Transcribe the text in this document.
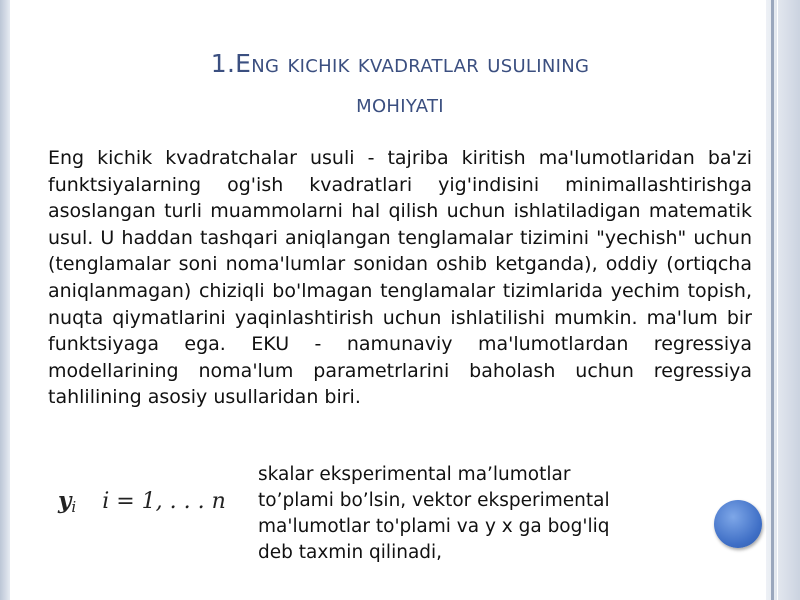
1.Eng kichik kvadratlar usulining
mohiyati
Eng kichik kvadratchalar usuli - tajriba kiritish ma'lumotlaridan ba'zi funktsiyalarning og'ish kvadratlari yig'indisini minimallashtirishga asoslangan turli muammolarni hal qilish uchun ishlatiladigan matematik usul. U haddan tashqari aniqlangan tenglamalar tizimini "yechish" uchun (tenglamalar soni noma'lumlar sonidan oshib ketganda), oddiy (ortiqcha aniqlanmagan) chiziqli bo'lmagan tenglamalar tizimlarida yechim topish, nuqta qiymatlarini yaqinlashtirish uchun ishlatilishi mumkin. ma'lum bir funktsiyaga ega. EKU - namunaviy ma'lumotlardan regressiya modellarining noma'lum parametrlarini baholash uchun regressiya tahlilining asosiy usullaridan biri.
yi i = 1, . . . n
skalar eksperimental ma’lumotlar
to’plami bo’lsin, vektor eksperimental
ma'lumotlar to'plami va y x ga bog'liq
deb taxmin qilinadi,
